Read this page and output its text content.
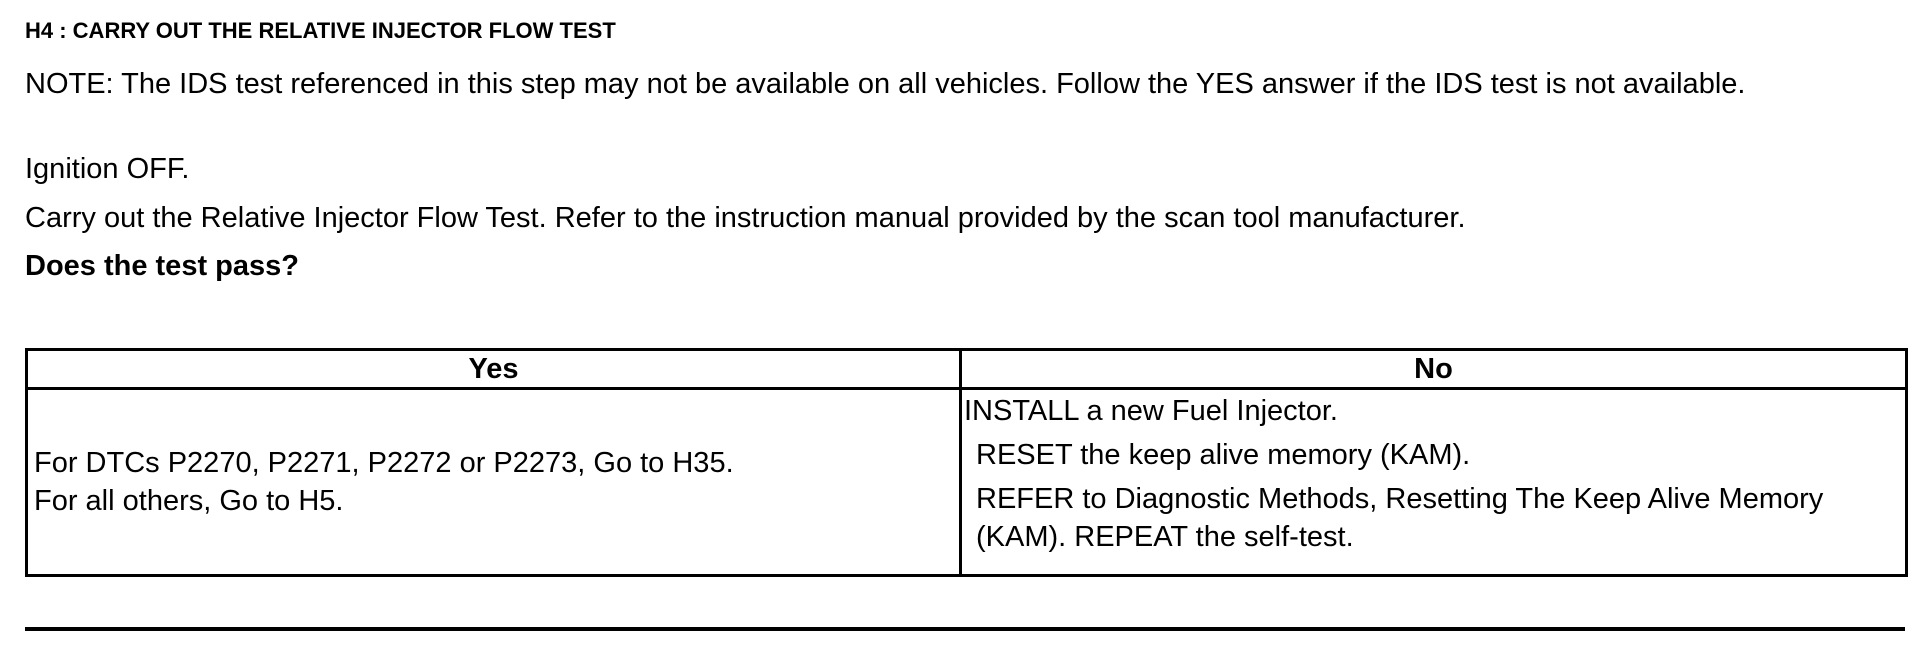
H4 : CARRY OUT THE RELATIVE INJECTOR FLOW TEST

NOTE: The IDS test referenced in this step may not be available on all vehicles. Follow the YES answer if the IDS test is not available.

Ignition OFF.

Carry out the Relative Injector Flow Test. Refer to the instruction manual provided by the scan tool manufacturer.

Does the test pass?

Yes	No

For DTCs P2270, P2271, P2272 or P2273, Go to H35.
For all others, Go to H5.	INSTALL a new Fuel Injector.
RESET the keep alive memory (KAM).
REFER to Diagnostic Methods, Resetting The Keep Alive Memory (KAM). REPEAT the self-test.
